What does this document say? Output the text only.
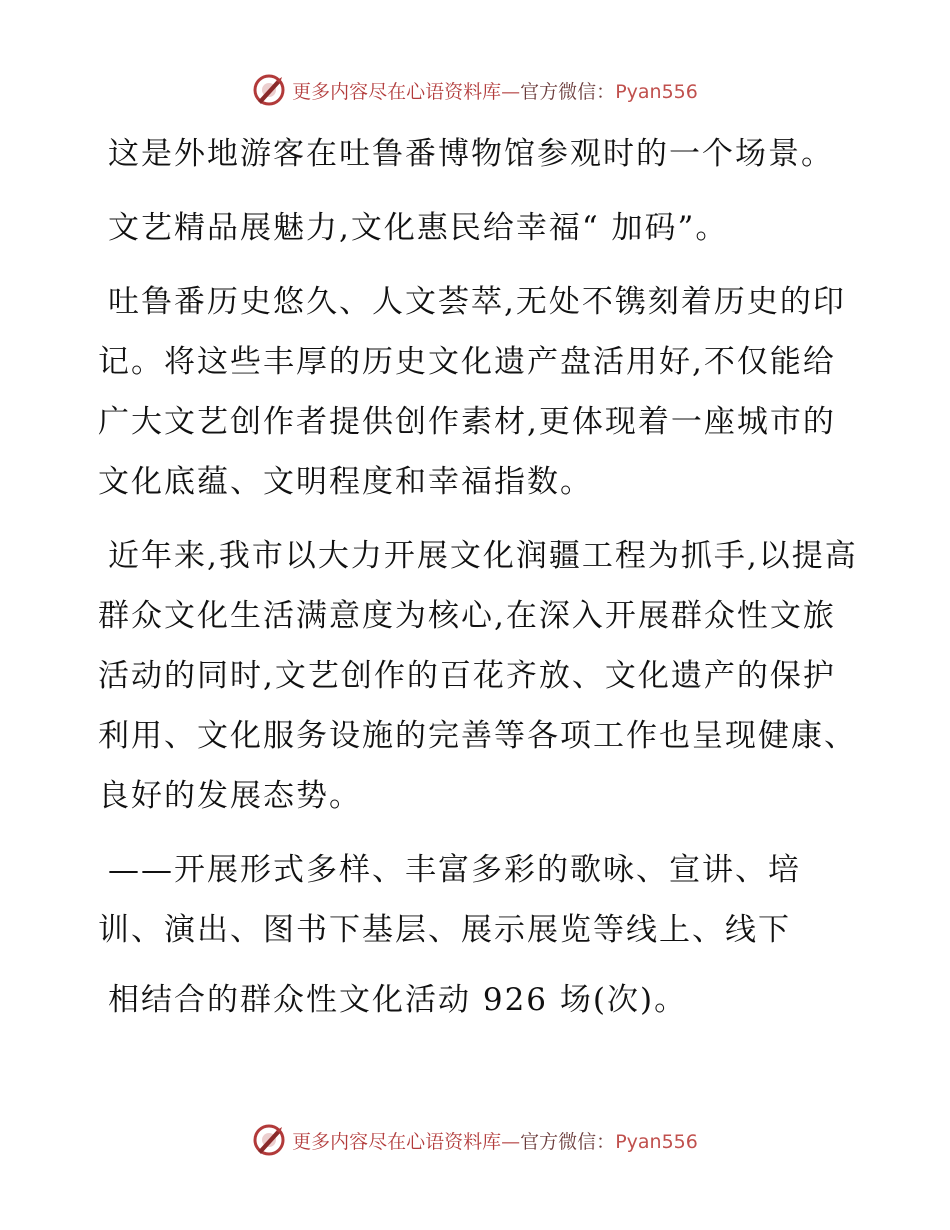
更多内容尽在心语资料库—官方微信：Pyan556

这是外地游客在吐鲁番博物馆参观时的一个场景。

文艺精品展魅力,文化惠民给幸福“ 加码”。

吐鲁番历史悠久、人文荟萃,无处不镌刻着历史的印记。将这些丰厚的历史文化遗产盘活用好,不仅能给广大文艺创作者提供创作素材,更体现着一座城市的文化底蕴、文明程度和幸福指数。

近年来,我市以大力开展文化润疆工程为抓手,以提高群众文化生活满意度为核心,在深入开展群众性文旅活动的同时,文艺创作的百花齐放、文化遗产的保护利用、文化服务设施的完善等各项工作也呈现健康、良好的发展态势。

——开展形式多样、丰富多彩的歌咏、宣讲、培训、演出、图书下基层、展示展览等线上、线下

相结合的群众性文化活动 926 场(次)。

更多内容尽在心语资料库—官方微信：Pyan556
